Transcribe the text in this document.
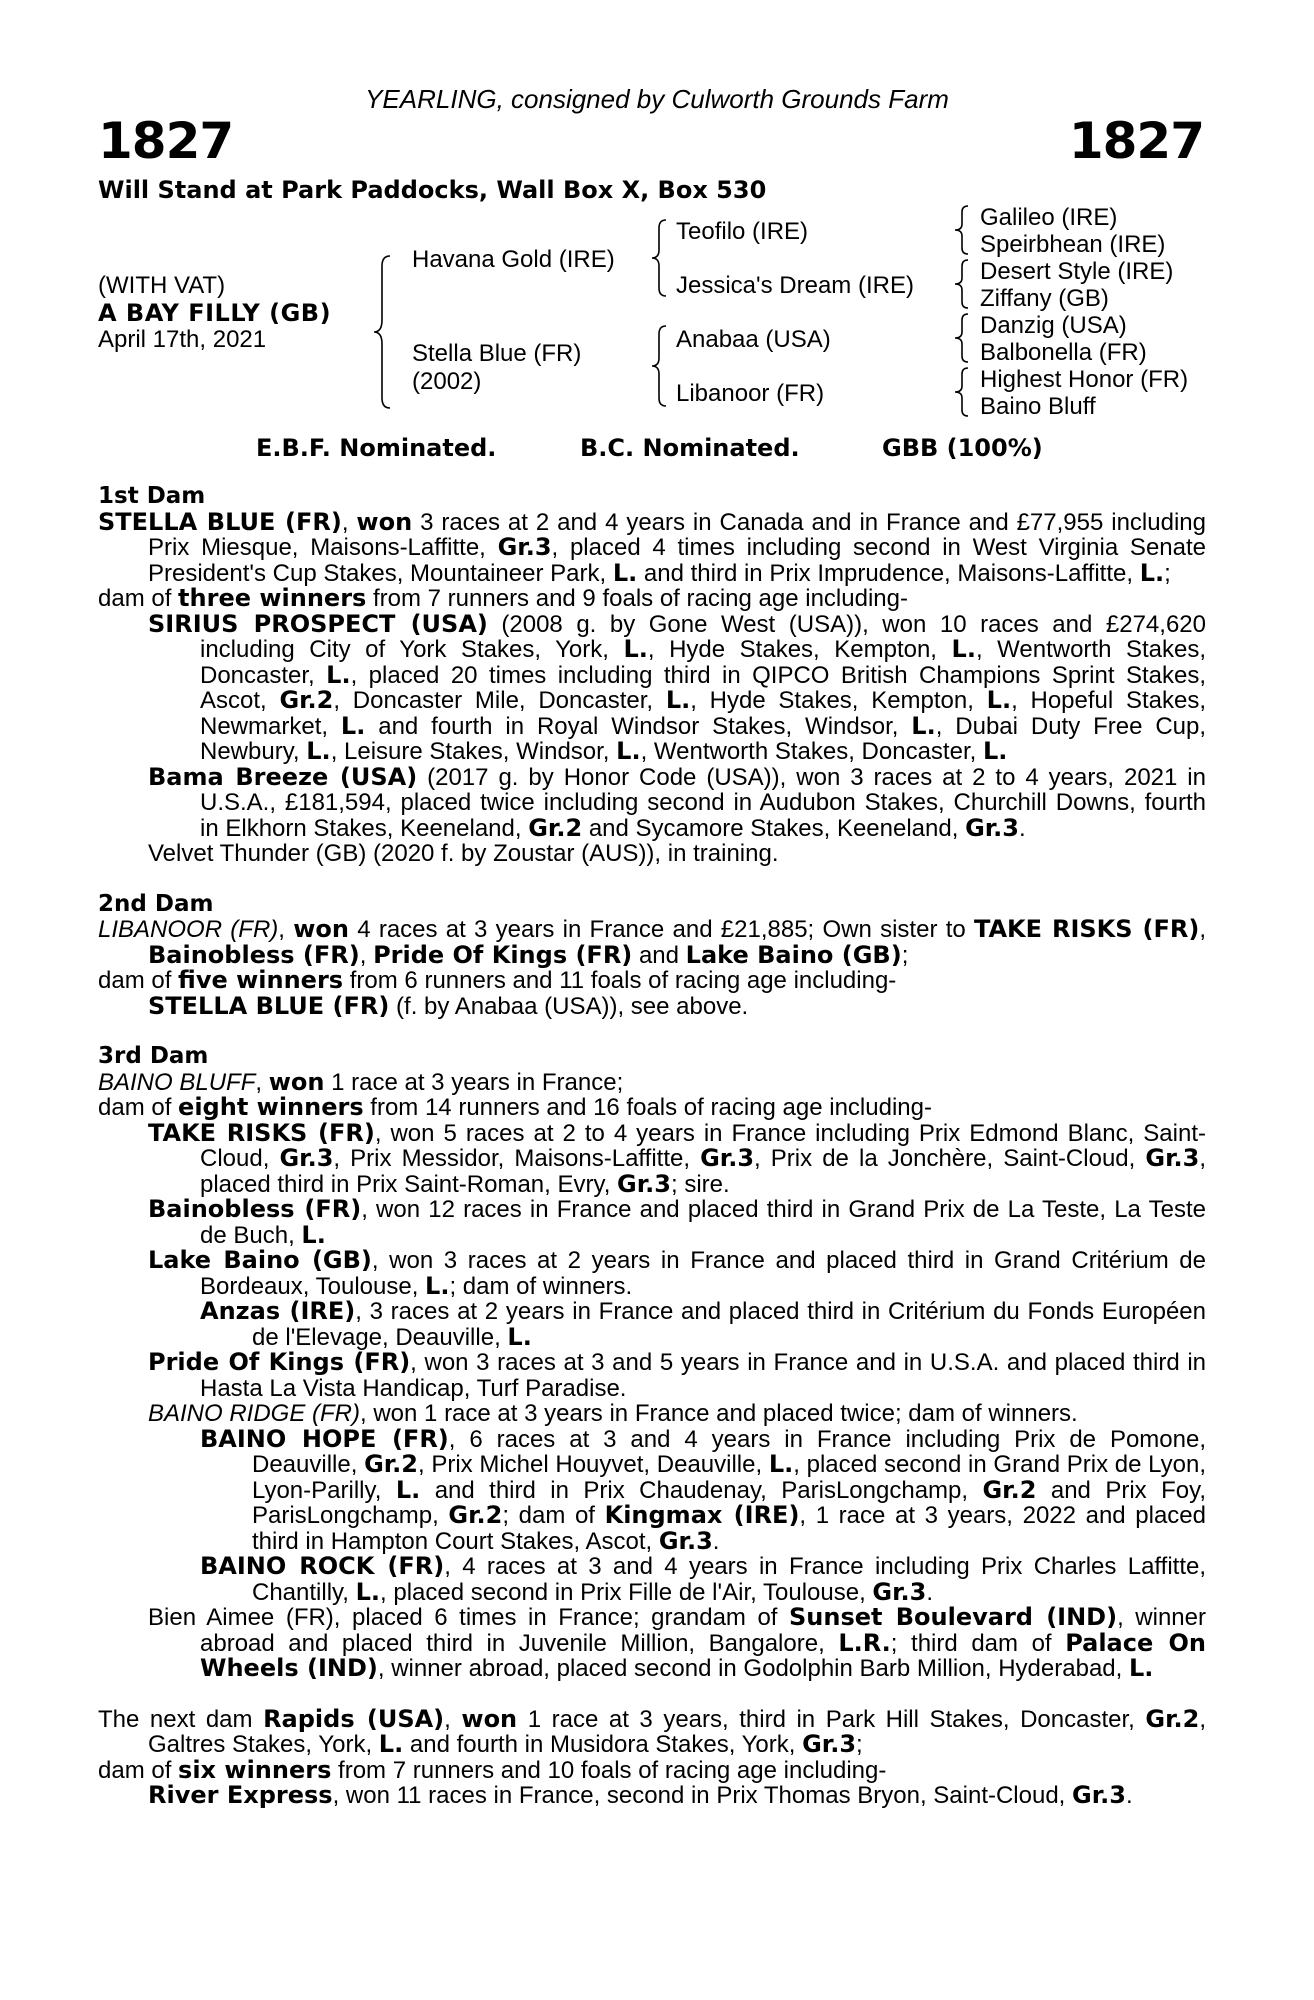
YEARLING, consigned by Culworth Grounds Farm
1827	1827
Will Stand at Park Paddocks, Wall Box X, Box 530
(WITH VAT)
A BAY FILLY (GB)
April 17th, 2021
Havana Gold (IRE)
Stella Blue (FR)
(2002)
Teofilo (IRE)
Jessica's Dream (IRE)
Anabaa (USA)
Libanoor (FR)
Galileo (IRE)
Speirbhean (IRE)
Desert Style (IRE)
Ziffany (GB)
Danzig (USA)
Balbonella (FR)
Highest Honor (FR)
Baino Bluff
E.B.F. Nominated.	B.C. Nominated.	GBB (100%)
1st Dam
STELLA BLUE (FR), won 3 races at 2 and 4 years in Canada and in France and £77,955 including Prix Miesque, Maisons-Laffitte, Gr.3, placed 4 times including second in West Virginia Senate President's Cup Stakes, Mountaineer Park, L. and third in Prix Imprudence, Maisons-Laffitte, L.;
dam of three winners from 7 runners and 9 foals of racing age including-
SIRIUS PROSPECT (USA) (2008 g. by Gone West (USA)), won 10 races and £274,620 including City of York Stakes, York, L., Hyde Stakes, Kempton, L., Wentworth Stakes, Doncaster, L., placed 20 times including third in QIPCO British Champions Sprint Stakes, Ascot, Gr.2, Doncaster Mile, Doncaster, L., Hyde Stakes, Kempton, L., Hopeful Stakes, Newmarket, L. and fourth in Royal Windsor Stakes, Windsor, L., Dubai Duty Free Cup, Newbury, L., Leisure Stakes, Windsor, L., Wentworth Stakes, Doncaster, L.
Bama Breeze (USA) (2017 g. by Honor Code (USA)), won 3 races at 2 to 4 years, 2021 in U.S.A., £181,594, placed twice including second in Audubon Stakes, Churchill Downs, fourth in Elkhorn Stakes, Keeneland, Gr.2 and Sycamore Stakes, Keeneland, Gr.3.
Velvet Thunder (GB) (2020 f. by Zoustar (AUS)), in training.
2nd Dam
LIBANOOR (FR), won 4 races at 3 years in France and £21,885; Own sister to TAKE RISKS (FR), Bainobless (FR), Pride Of Kings (FR) and Lake Baino (GB);
dam of five winners from 6 runners and 11 foals of racing age including-
STELLA BLUE (FR) (f. by Anabaa (USA)), see above.
3rd Dam
BAINO BLUFF, won 1 race at 3 years in France;
dam of eight winners from 14 runners and 16 foals of racing age including-
TAKE RISKS (FR), won 5 races at 2 to 4 years in France including Prix Edmond Blanc, Saint-Cloud, Gr.3, Prix Messidor, Maisons-Laffitte, Gr.3, Prix de la Jonchère, Saint-Cloud, Gr.3, placed third in Prix Saint-Roman, Evry, Gr.3; sire.
Bainobless (FR), won 12 races in France and placed third in Grand Prix de La Teste, La Teste de Buch, L.
Lake Baino (GB), won 3 races at 2 years in France and placed third in Grand Critérium de Bordeaux, Toulouse, L.; dam of winners.
Anzas (IRE), 3 races at 2 years in France and placed third in Critérium du Fonds Européen de l'Elevage, Deauville, L.
Pride Of Kings (FR), won 3 races at 3 and 5 years in France and in U.S.A. and placed third in Hasta La Vista Handicap, Turf Paradise.
BAINO RIDGE (FR), won 1 race at 3 years in France and placed twice; dam of winners.
BAINO HOPE (FR), 6 races at 3 and 4 years in France including Prix de Pomone, Deauville, Gr.2, Prix Michel Houyvet, Deauville, L., placed second in Grand Prix de Lyon, Lyon-Parilly, L. and third in Prix Chaudenay, ParisLongchamp, Gr.2 and Prix Foy, ParisLongchamp, Gr.2; dam of Kingmax (IRE), 1 race at 3 years, 2022 and placed third in Hampton Court Stakes, Ascot, Gr.3.
BAINO ROCK (FR), 4 races at 3 and 4 years in France including Prix Charles Laffitte, Chantilly, L., placed second in Prix Fille de l'Air, Toulouse, Gr.3.
Bien Aimee (FR), placed 6 times in France; grandam of Sunset Boulevard (IND), winner abroad and placed third in Juvenile Million, Bangalore, L.R.; third dam of Palace On Wheels (IND), winner abroad, placed second in Godolphin Barb Million, Hyderabad, L.
The next dam Rapids (USA), won 1 race at 3 years, third in Park Hill Stakes, Doncaster, Gr.2, Galtres Stakes, York, L. and fourth in Musidora Stakes, York, Gr.3;
dam of six winners from 7 runners and 10 foals of racing age including-
River Express, won 11 races in France, second in Prix Thomas Bryon, Saint-Cloud, Gr.3.
